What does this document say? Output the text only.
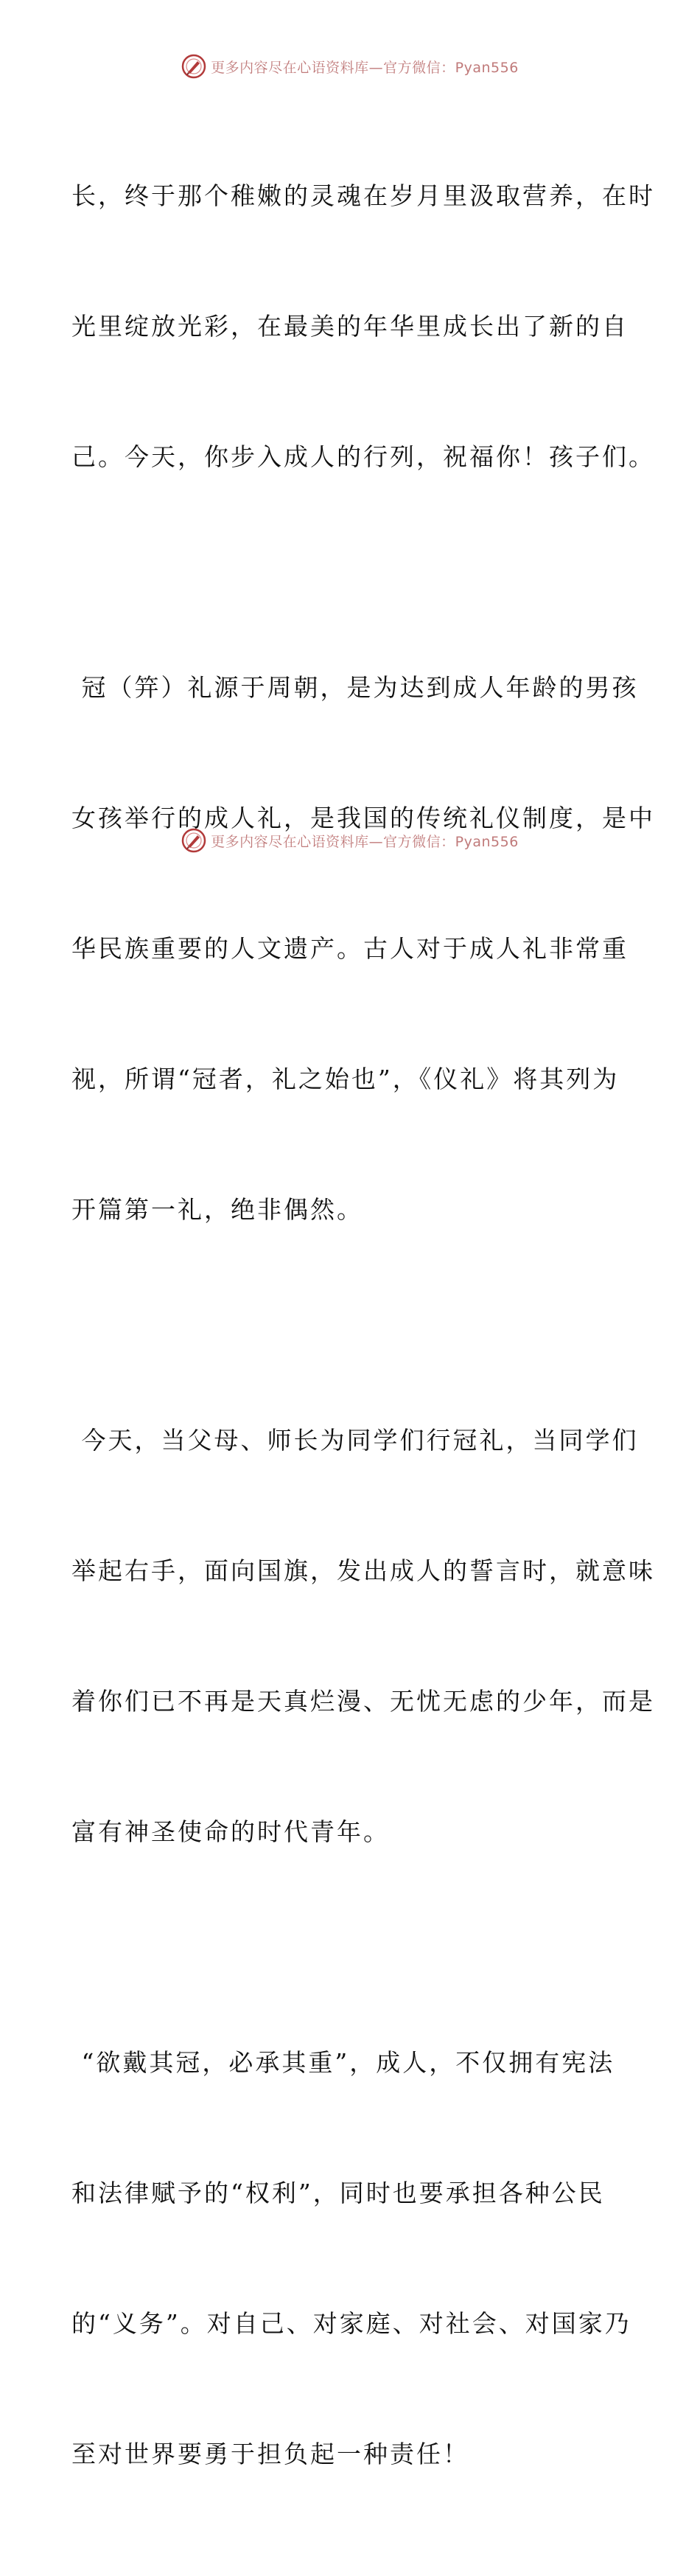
更多内容尽在心语资料库—官方微信：Pyan556

长，终于那个稚嫩的灵魂在岁月里汲取营养，在时

光里绽放光彩，在最美的年华里成长出了新的自

己。今天，你步入成人的行列，祝福你！孩子们。

冠（笄）礼源于周朝，是为达到成人年龄的男孩

女孩举行的成人礼，是我国的传统礼仪制度，是中

华民族重要的人文遗产。古人对于成人礼非常重

视，所谓“冠者，礼之始也”，《仪礼》将其列为

开篇第一礼，绝非偶然。

今天，当父母、师长为同学们行冠礼，当同学们

举起右手，面向国旗，发出成人的誓言时，就意味

着你们已不再是天真烂漫、无忧无虑的少年，而是

富有神圣使命的时代青年。

“欲戴其冠，必承其重”，成人，不仅拥有宪法

和法律赋予的“权利”，同时也要承担各种公民

的“义务”。对自己、对家庭、对社会、对国家乃

至对世界要勇于担负起一种责任！

更多内容尽在心语资料库—官方微信：Pyan556
